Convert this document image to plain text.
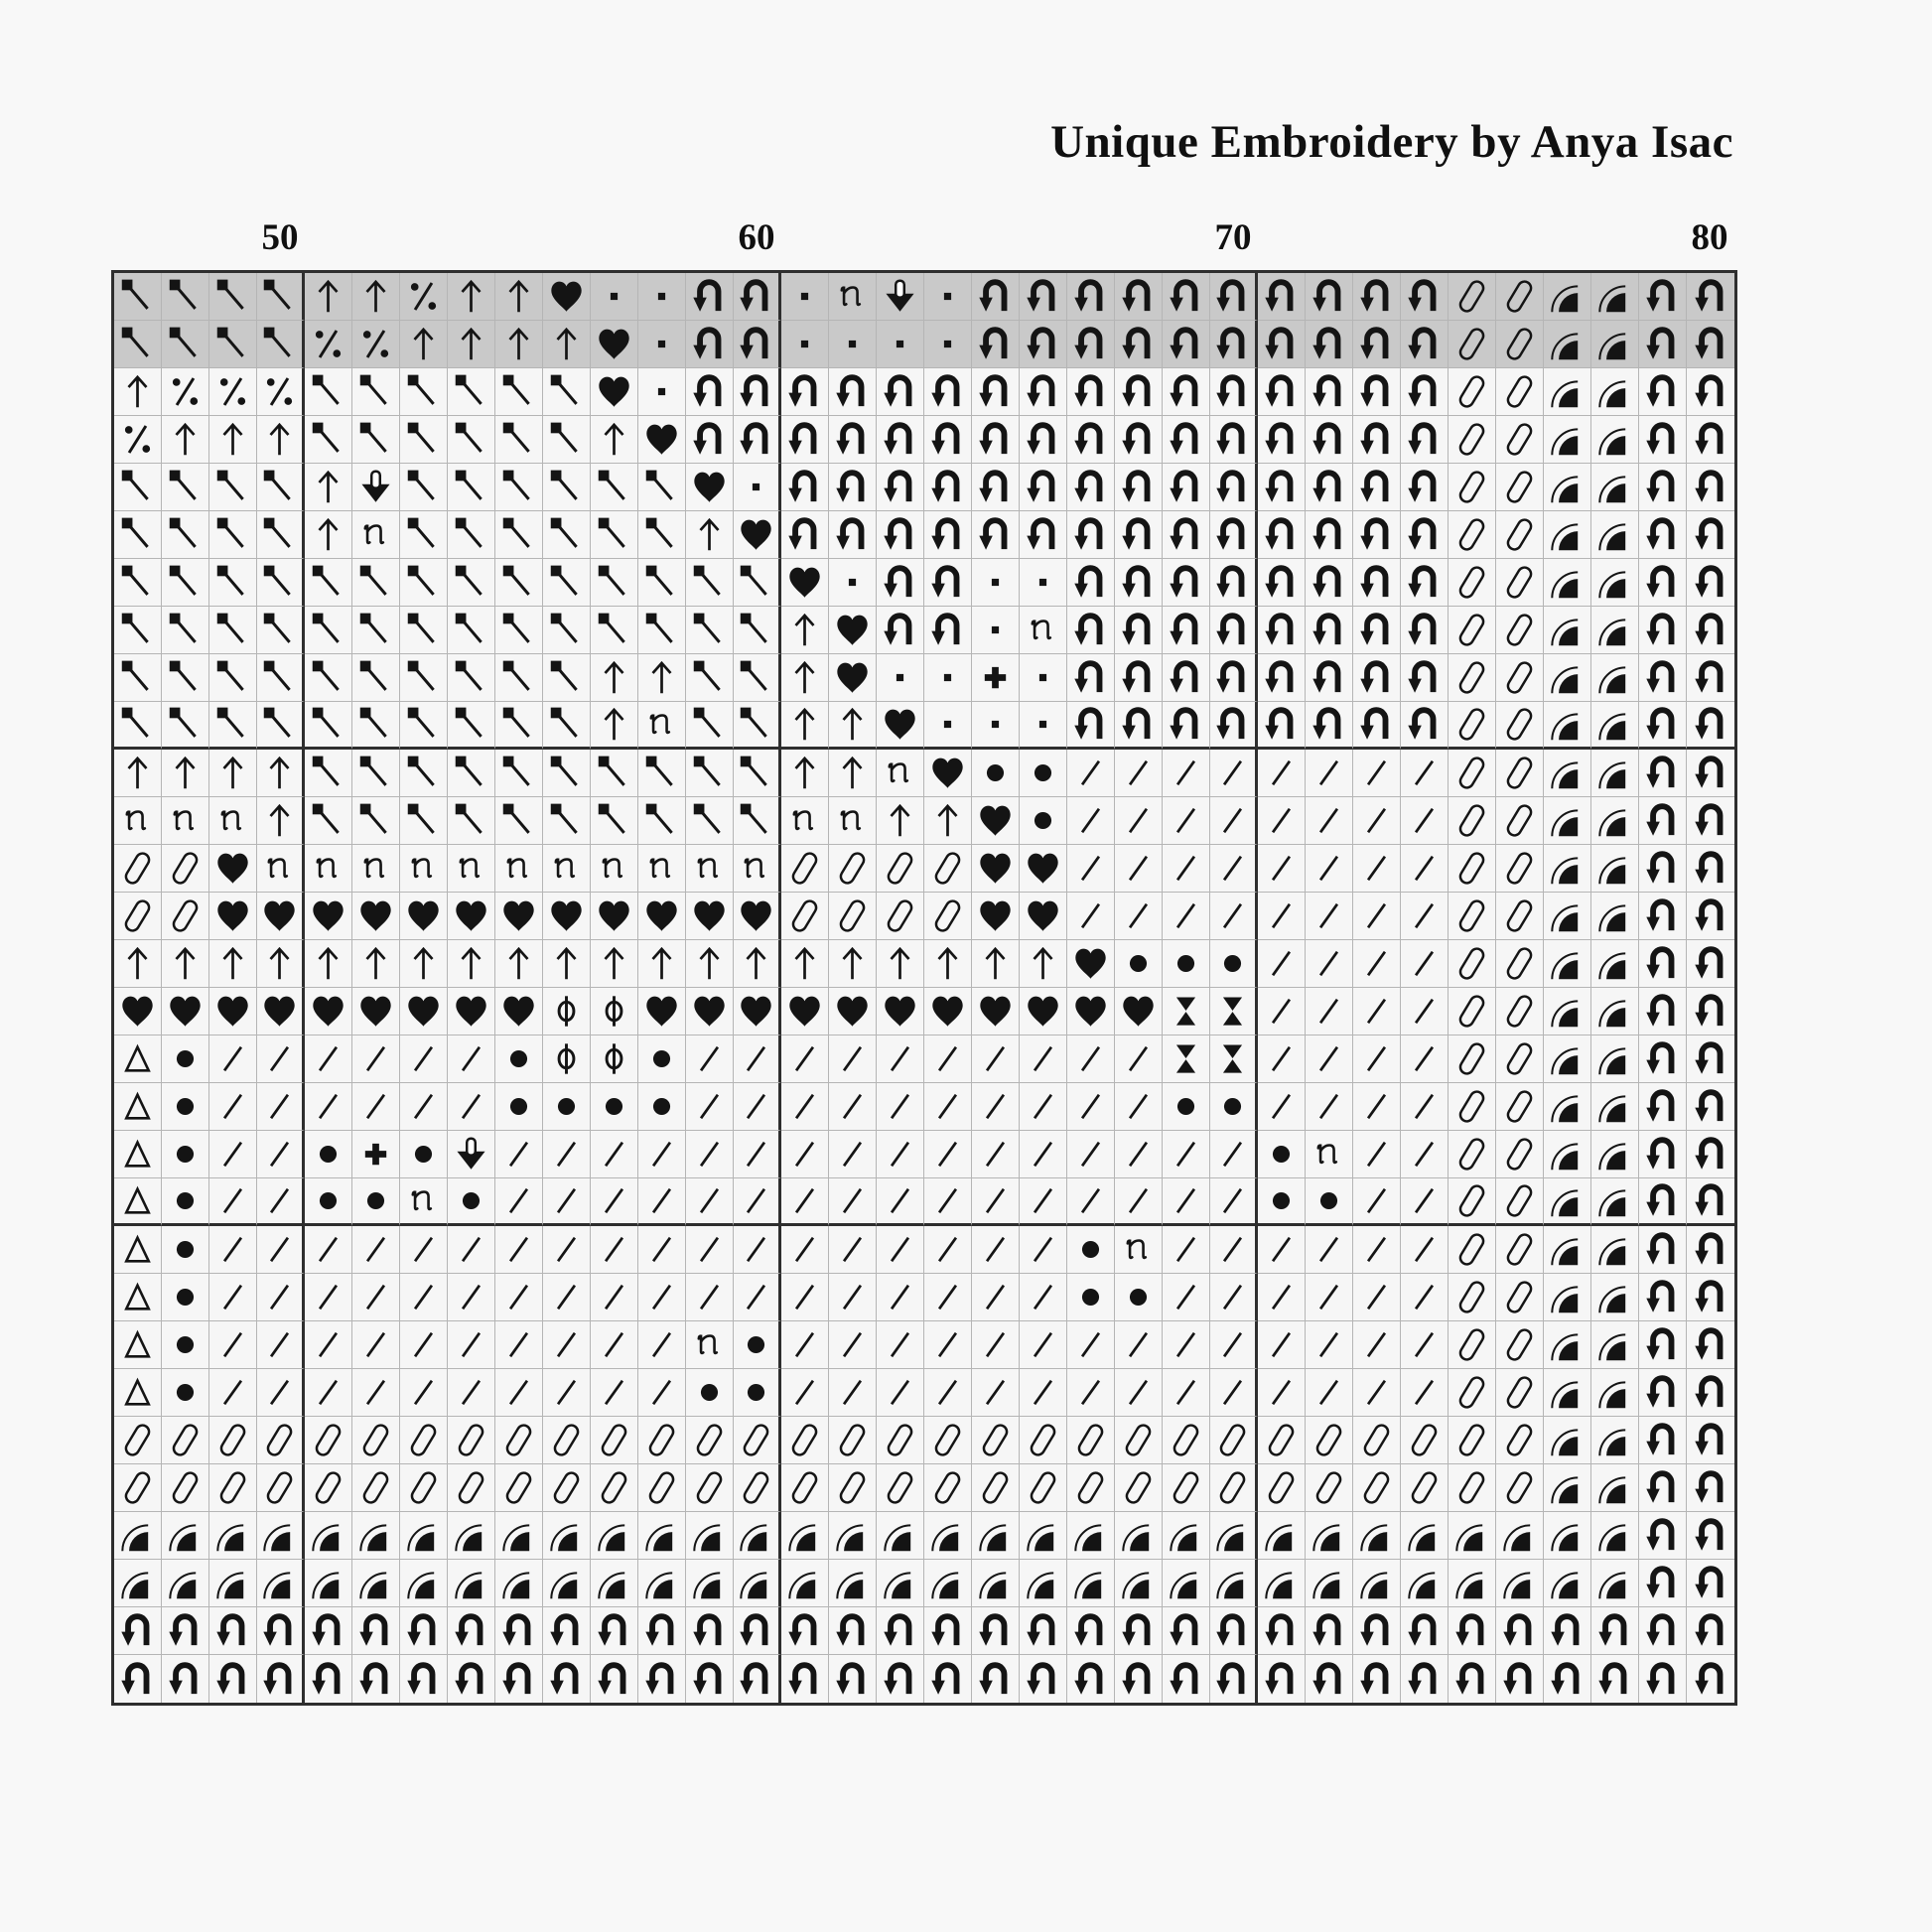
Unique Embroidery by Anya Isac
50	60	70	80
